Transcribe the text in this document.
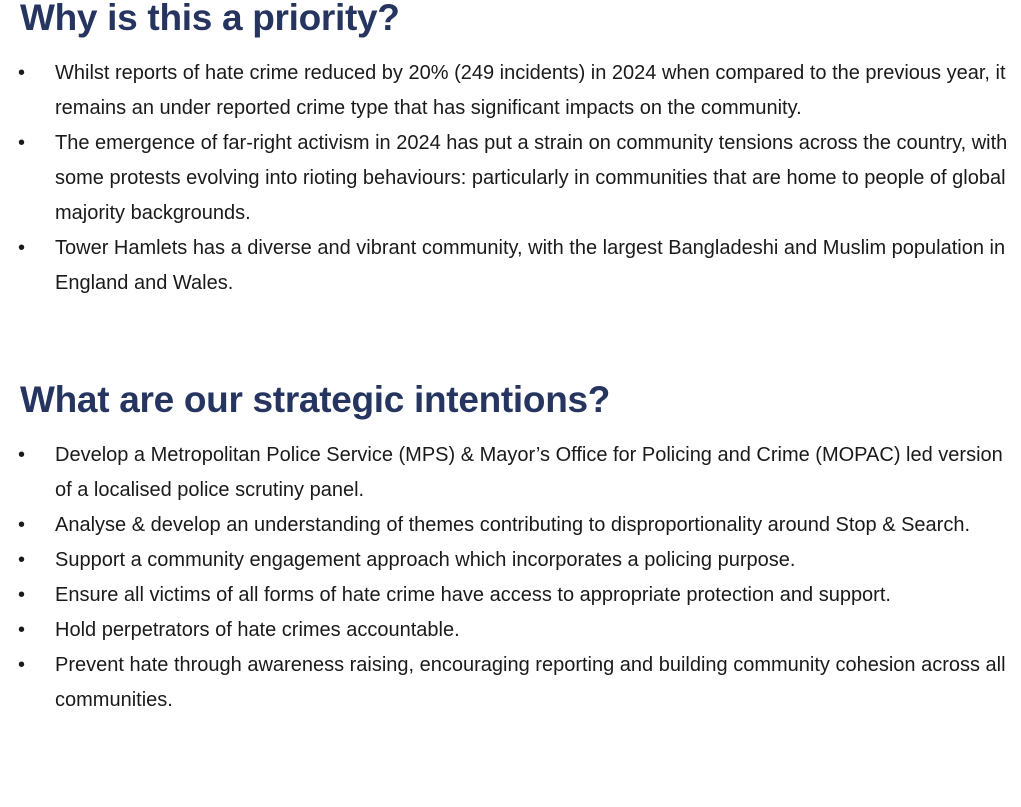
Why is this a priority?
• Whilst reports of hate crime reduced by 20% (249 incidents) in 2024 when compared to the previous year, it remains an under reported crime type that has significant impacts on the community.
• The emergence of far-right activism in 2024 has put a strain on community tensions across the country, with some protests evolving into rioting behaviours: particularly in communities that are home to people of global majority backgrounds.
• Tower Hamlets has a diverse and vibrant community, with the largest Bangladeshi and Muslim population in England and Wales.
What are our strategic intentions?
• Develop a Metropolitan Police Service (MPS) & Mayor’s Office for Policing and Crime (MOPAC) led version of a localised police scrutiny panel.
• Analyse & develop an understanding of themes contributing to disproportionality around Stop & Search.
• Support a community engagement approach which incorporates a policing purpose.
• Ensure all victims of all forms of hate crime have access to appropriate protection and support.
• Hold perpetrators of hate crimes accountable.
• Prevent hate through awareness raising, encouraging reporting and building community cohesion across all communities.
